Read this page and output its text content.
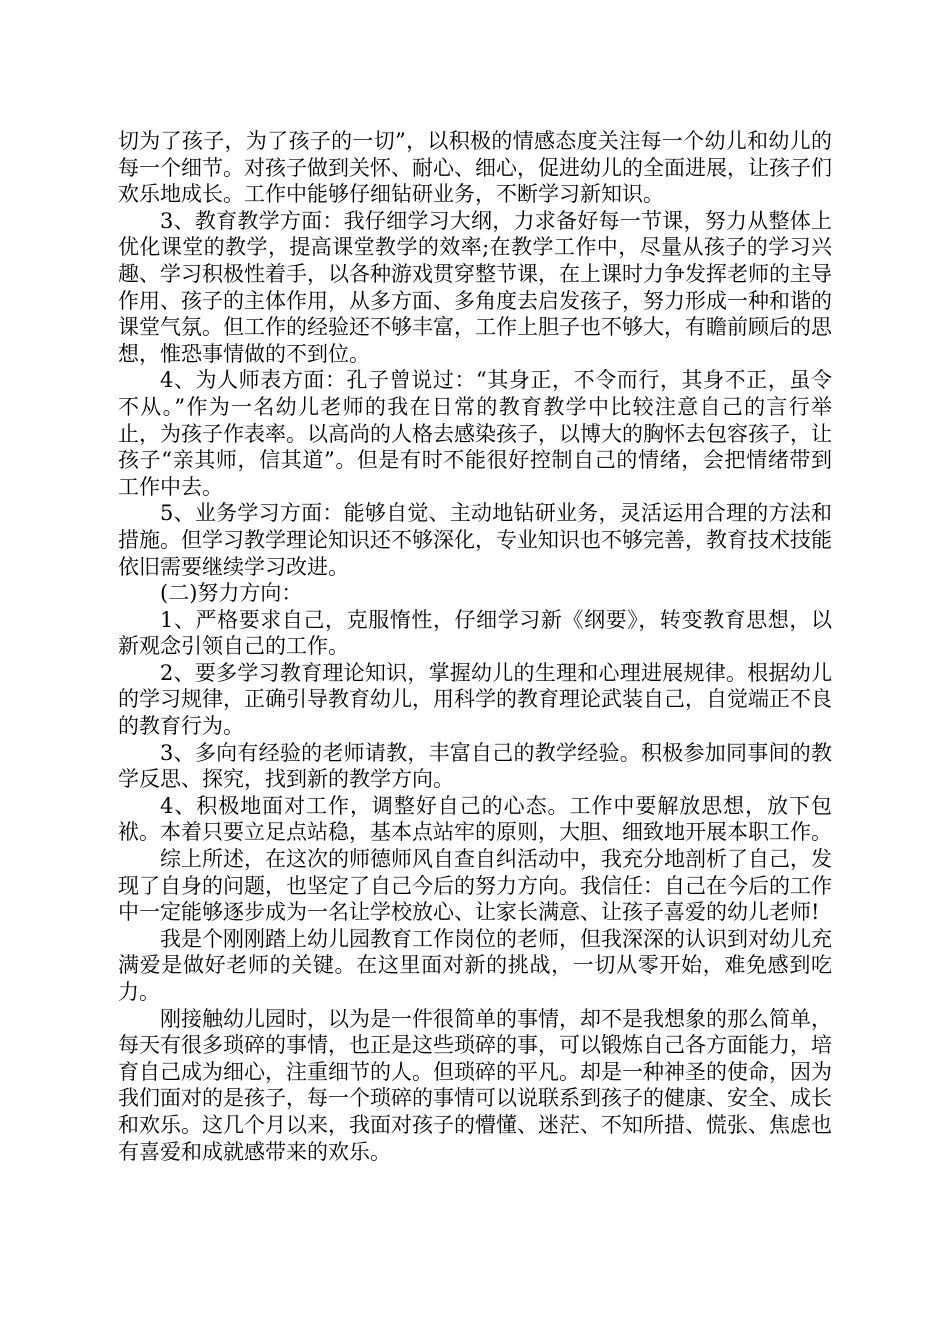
切为了孩子，为了孩子的一切”，以积极的情感态度关注每一个幼儿和幼儿的每一个细节。对孩子做到关怀、耐心、细心，促进幼儿的全面进展，让孩子们欢乐地成长。工作中能够仔细钻研业务，不断学习新知识。

3、教育教学方面：我仔细学习大纲，力求备好每一节课，努力从整体上优化课堂的教学，提高课堂教学的效率;在教学工作中，尽量从孩子的学习兴趣、学习积极性着手，以各种游戏贯穿整节课，在上课时力争发挥老师的主导作用、孩子的主体作用，从多方面、多角度去启发孩子，努力形成一种和谐的课堂气氛。但工作的经验还不够丰富，工作上胆子也不够大，有瞻前顾后的思想，惟恐事情做的不到位。

4、为人师表方面：孔子曾说过：“其身正，不令而行，其身不正，虽令不从。”作为一名幼儿老师的我在日常的教育教学中比较注意自己的言行举止，为孩子作表率。以高尚的人格去感染孩子，以博大的胸怀去包容孩子，让孩子“亲其师，信其道”。但是有时不能很好控制自己的情绪，会把情绪带到工作中去。

5、业务学习方面：能够自觉、主动地钻研业务，灵活运用合理的方法和措施。但学习教学理论知识还不够深化，专业知识也不够完善，教育技术技能依旧需要继续学习改进。

(二)努力方向：

1、严格要求自己，克服惰性，仔细学习新《纲要》，转变教育思想，以新观念引领自己的工作。

2、要多学习教育理论知识，掌握幼儿的生理和心理进展规律。根据幼儿的学习规律，正确引导教育幼儿，用科学的教育理论武装自己，自觉端正不良的教育行为。

3、多向有经验的老师请教，丰富自己的教学经验。积极参加同事间的教学反思、探究，找到新的教学方向。

4、积极地面对工作，调整好自己的心态。工作中要解放思想，放下包袱。本着只要立足点站稳，基本点站牢的原则，大胆、细致地开展本职工作。

综上所述，在这次的师德师风自查自纠活动中，我充分地剖析了自己，发现了自身的问题，也坚定了自己今后的努力方向。我信任：自己在今后的工作中一定能够逐步成为一名让学校放心、让家长满意、让孩子喜爱的幼儿老师!

我是个刚刚踏上幼儿园教育工作岗位的老师，但我深深的认识到对幼儿充满爱是做好老师的关键。在这里面对新的挑战，一切从零开始，难免感到吃力。

刚接触幼儿园时，以为是一件很简单的事情，却不是我想象的那么简单，每天有很多琐碎的事情，也正是这些琐碎的事，可以锻炼自己各方面能力，培育自己成为细心，注重细节的人。但琐碎的平凡。却是一种神圣的使命，因为我们面对的是孩子，每一个琐碎的事情可以说联系到孩子的健康、安全、成长和欢乐。这几个月以来，我面对孩子的懵懂、迷茫、不知所措、慌张、焦虑也有喜爱和成就感带来的欢乐。
